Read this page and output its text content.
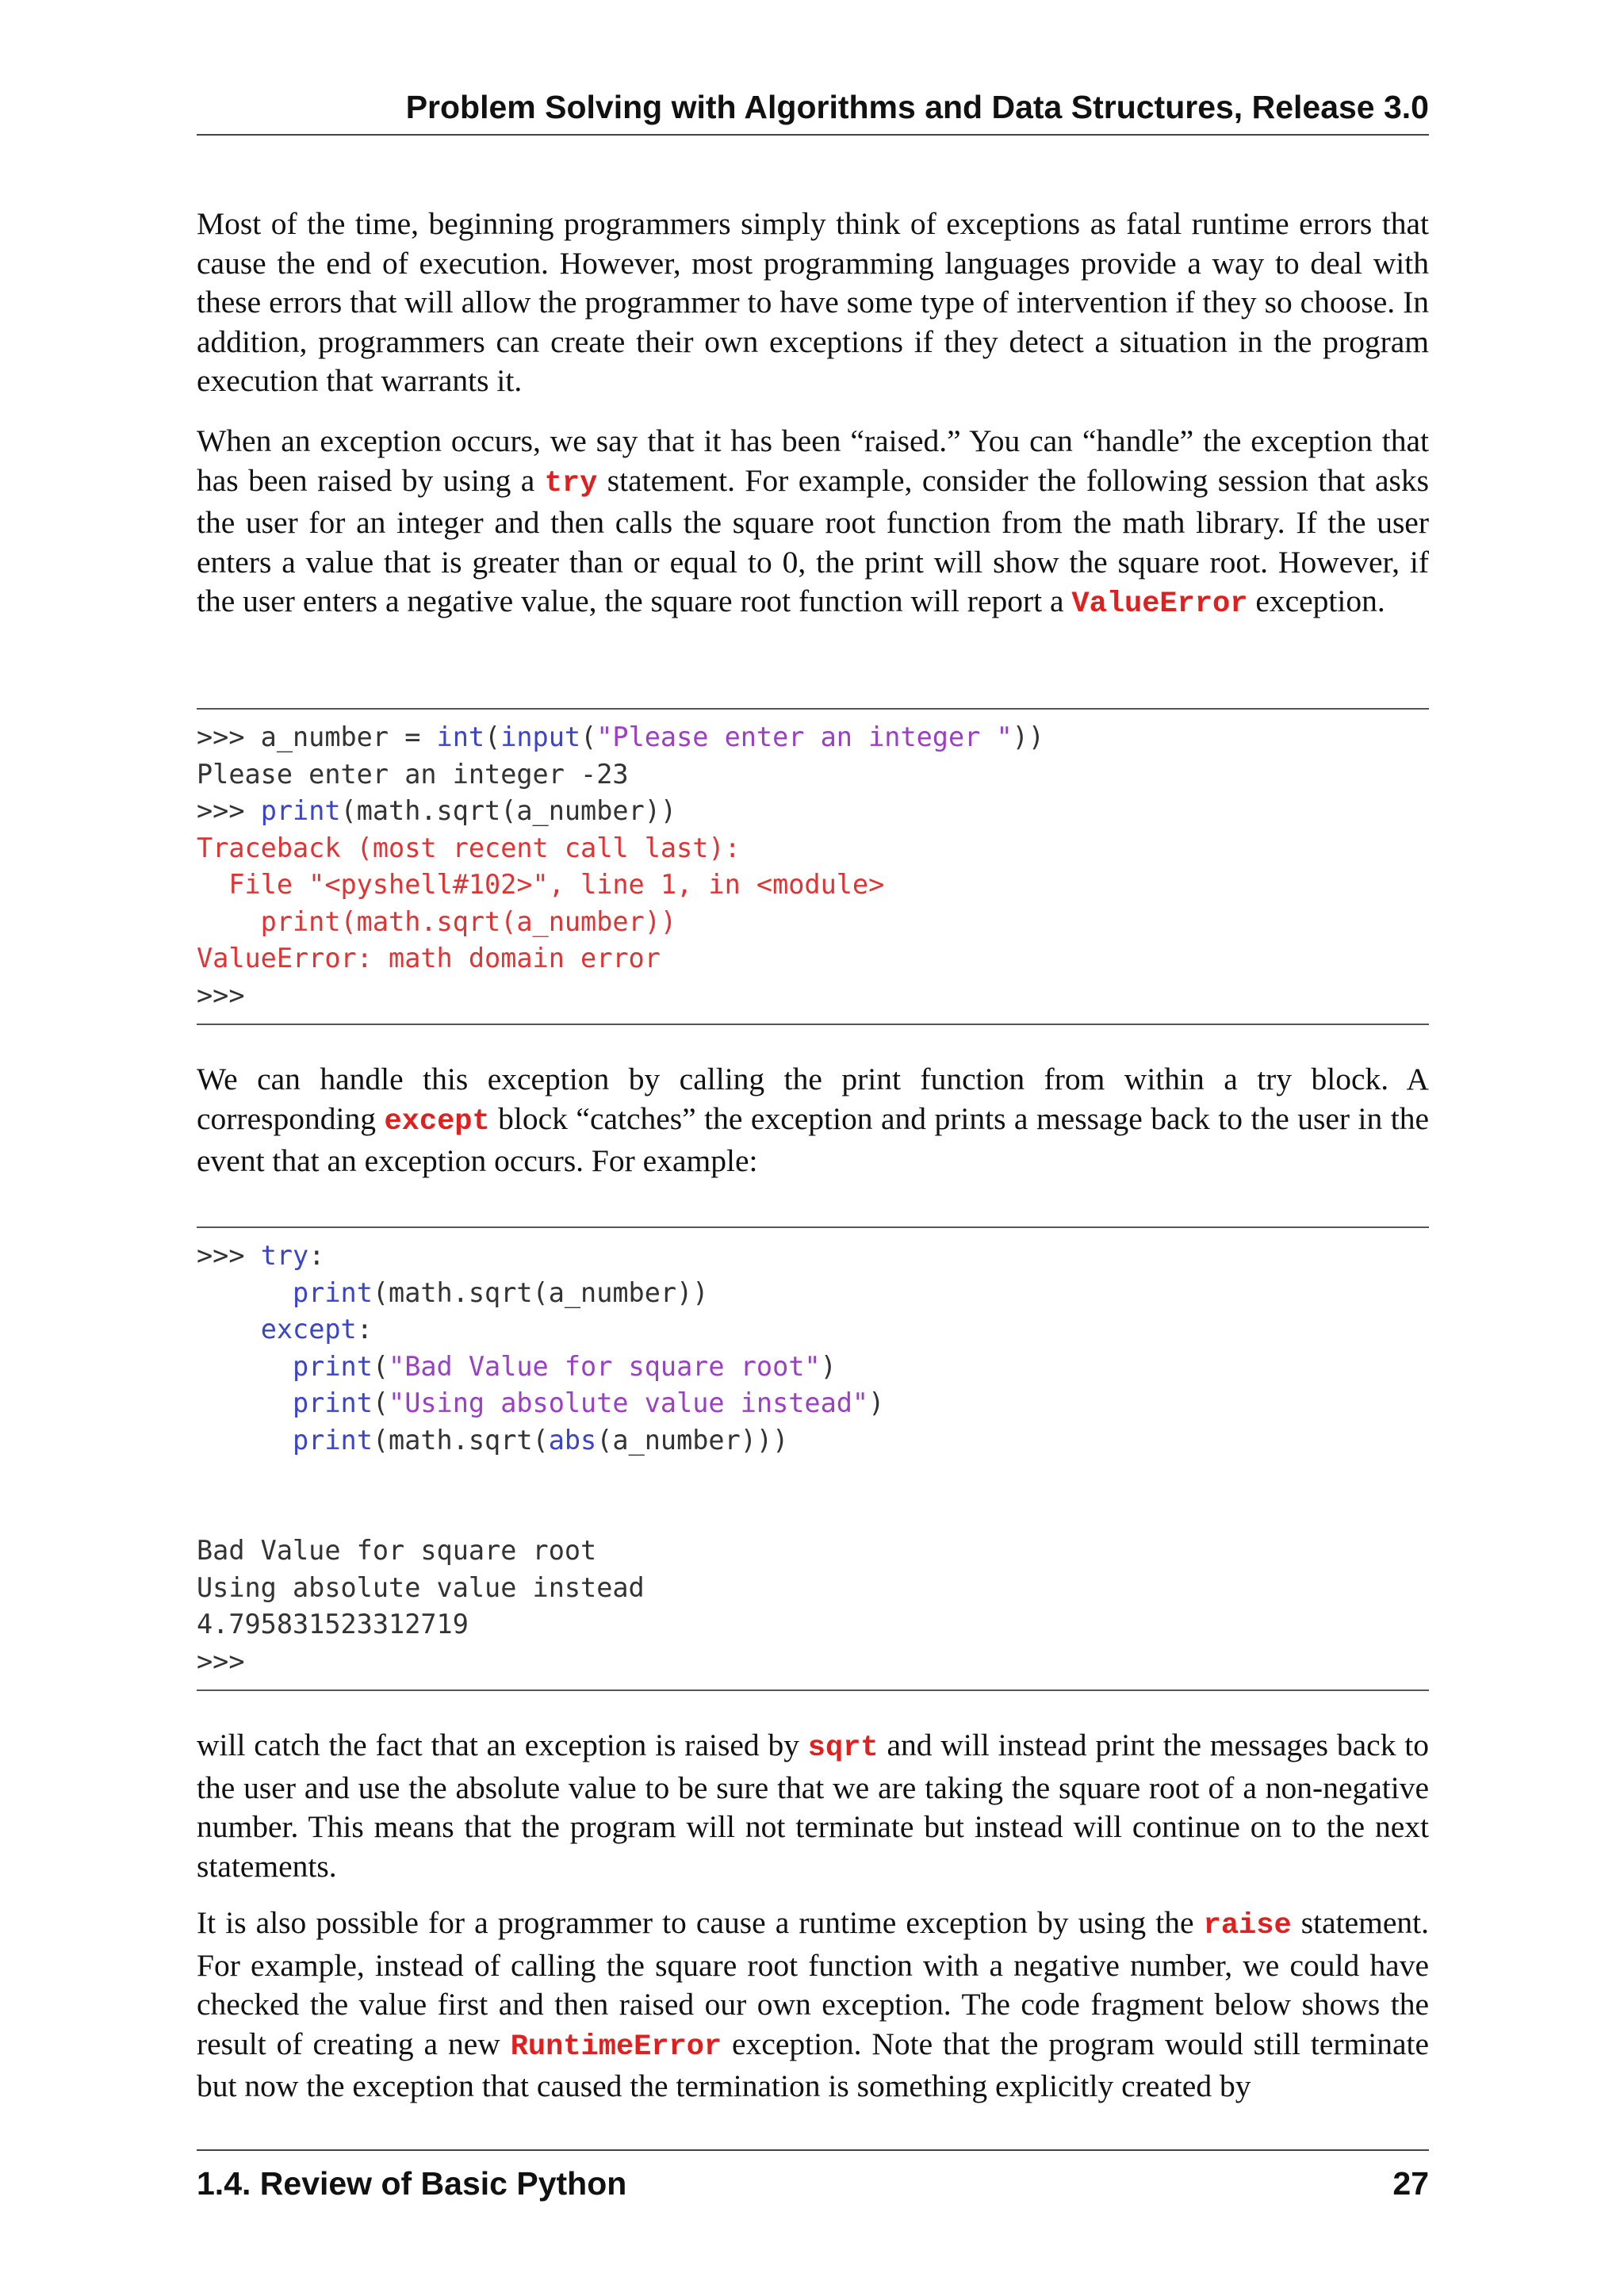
Problem Solving with Algorithms and Data Structures, Release 3.0

Most of the time, beginning programmers simply think of exceptions as fatal runtime errors that cause the end of execution. However, most programming languages provide a way to deal with these errors that will allow the programmer to have some type of intervention if they so choose. In addition, programmers can create their own exceptions if they detect a situation in the program execution that warrants it.

When an exception occurs, we say that it has been “raised.” You can “handle” the exception that has been raised by using a try statement. For example, consider the following session that asks the user for an integer and then calls the square root function from the math library. If the user enters a value that is greater than or equal to 0, the print will show the square root. However, if the user enters a negative value, the square root function will report a ValueError exception.

>>> a_number = int(input("Please enter an integer "))
Please enter an integer -23
>>> print(math.sqrt(a_number))
Traceback (most recent call last):
File "<pyshell#102>", line 1, in <module>
print(math.sqrt(a_number))
ValueError: math domain error
>>>

We can handle this exception by calling the print function from within a try block. A corresponding except block “catches” the exception and prints a message back to the user in the event that an exception occurs. For example:

>>> try:
print(math.sqrt(a_number))
except:
print("Bad Value for square root")
print("Using absolute value instead")
print(math.sqrt(abs(a_number)))
Bad Value for square root
Using absolute value instead
4.795831523312719
>>>

will catch the fact that an exception is raised by sqrt and will instead print the messages back to the user and use the absolute value to be sure that we are taking the square root of a non-negative number. This means that the program will not terminate but instead will continue on to the next statements.

It is also possible for a programmer to cause a runtime exception by using the raise statement. For example, instead of calling the square root function with a negative number, we could have checked the value first and then raised our own exception. The code fragment below shows the result of creating a new RuntimeError exception. Note that the program would still terminate but now the exception that caused the termination is something explicitly created by

1.4. Review of Basic Python	27
